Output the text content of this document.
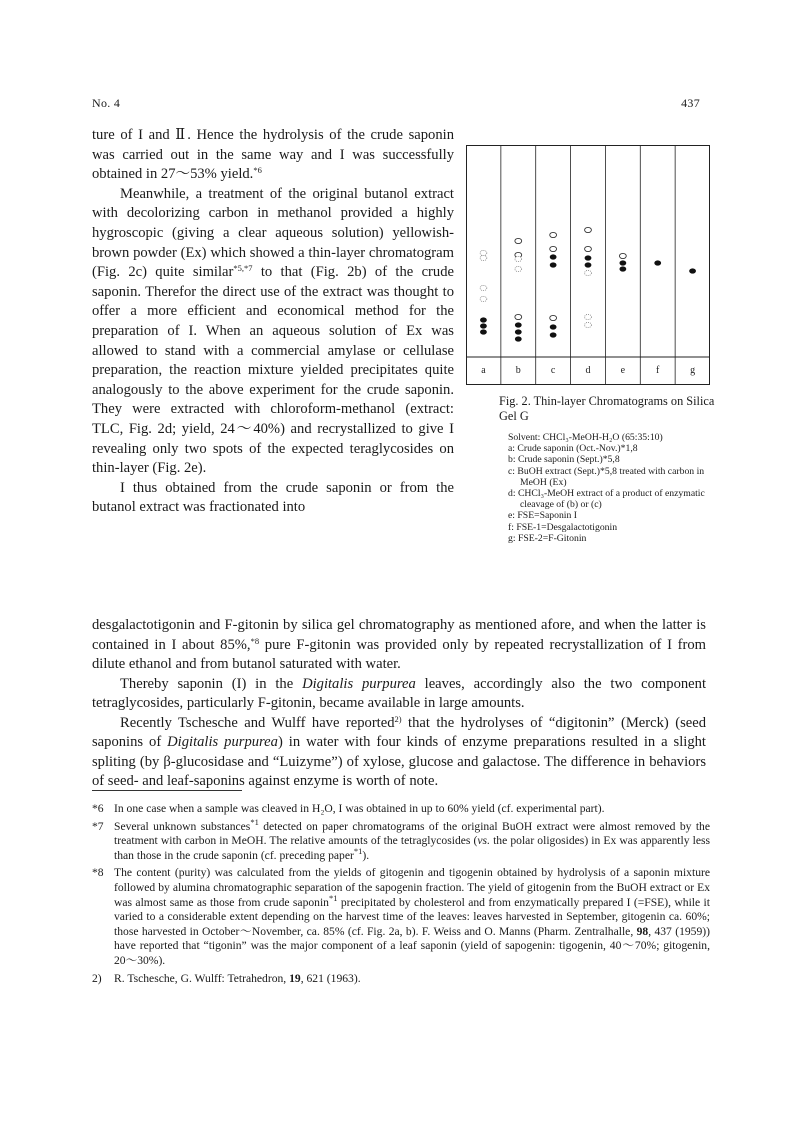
No. 4	437

ture of I and Ⅱ. Hence the hydrolysis of the crude saponin was carried out in the same way and I was successfully obtained in 27〜53% yield.$^{*6}$

Meanwhile, a treatment of the original butanol extract with decolorizing carbon in methanol provided a highly hygroscopic (giving a clear aqueous solution) yellowish-brown powder (Ex) which showed a thin-layer chromatogram (Fig. 2c) quite similar$^{*5,*7}$ to that (Fig. 2b) of the crude saponin. Therefor the direct use of the extract was thought to offer a more efficient and economical method for the preparation of I. When an aqueous solution of Ex was allowed to stand with a commercial amylase or cellulase preparation, the reaction mixture yielded precipitates quite analogously to the above experiment for the crude saponin. They were extracted with chloroform-methanol (extract: TLC, Fig. 2d; yield, 24〜40%) and recrystallized to give I revealing only two spots of the expected teraglycosides on thin-layer (Fig. 2e).

I thus obtained from the crude saponin or from the butanol extract was fractionated into

desgalactotigonin and F-gitonin by silica gel chromatography as mentioned afore, and when the latter is contained in I about 85%,$^{*8}$ pure F-gitonin was provided only by repeated recrystallization of I from dilute ethanol and from butanol saturated with water.

Thereby saponin (I) in the Digitalis purpurea leaves, accordingly also the two component tetraglycosides, particularly F-gitonin, became available in large amounts.

Recently Tschesche and Wulff have reported$^{2)}$ that the hydrolyses of “digitonin” (Merck) (seed saponins of Digitalis purpurea) in water with four kinds of enzyme preparations resulted in a slight spliting (by β-glucosidase and “Luizyme”) of xylose, glucose and galactose. The difference in behaviors of seed- and leaf-saponins against enzyme is worth of note.

a	b	c	d	e	f	g
Fig. 2. Thin-layer Chromatograms on Silica Gel G
Solvent: CHCl₃-MeOH-H₂O (65:35:10)
a: Crude saponin (Oct.-Nov.)*1,8
b: Crude saponin (Sept.)*5,8
c: BuOH extract (Sept.)*5,8 treated with carbon in MeOH (Ex)
d: CHCl₃-MeOH extract of a product of enzymatic cleavage of (b) or (c)
e: FSE=Saponin I
f: FSE-1=Desgalactotigonin
g: FSE-2=F-Gitonin
*6 In one case when a sample was cleaved in H₂O, I was obtained in up to 60% yield (cf. experimental part).
*7 Several unknown substances$^{*1}$ detected on paper chromatograms of the original BuOH extract were almost removed by the treatment with carbon in MeOH. The relative amounts of the tetraglycosides (vs. the polar oligosides) in Ex was apparently less than those in the crude saponin (cf. preceding paper$^{*1}$).
*8 The content (purity) was calculated from the yields of gitogenin and tigogenin obtained by hydrolysis of a saponin mixture followed by alumina chromatographic separation of the sapogenin fraction. The yield of gitogenin from the BuOH extract or Ex was almost same as those from crude saponin$^{*1}$ precipitated by cholesterol and from enzymatically prepared I (=FSE), while it varied to a considerable extent depending on the harvest time of the leaves: leaves harvested in September, gitogenin ca. 60%; those harvested in October〜November, ca. 85% (cf. Fig. 2a, b). F. Weiss and O. Manns (Pharm. Zentralhalle, 98, 437 (1959)) have reported that “tigonin” was the major component of a leaf saponin (yield of sapogenin: tigogenin, 40〜70%; gitogenin, 20〜30%).
2) R. Tschesche, G. Wulff: Tetrahedron, 19, 621 (1963).
